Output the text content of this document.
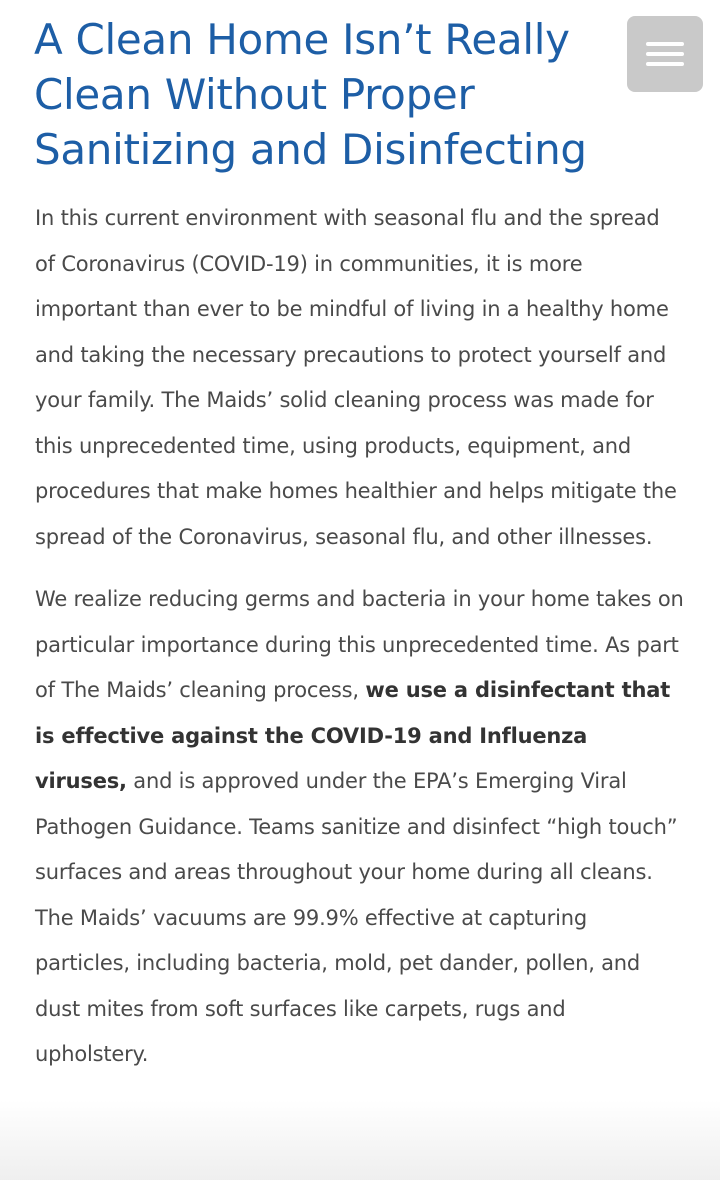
A Clean Home Isn’t Really Clean Without Proper Sanitizing and Disinfecting

In this current environment with seasonal flu and the spread of Coronavirus (COVID-19) in communities, it is more important than ever to be mindful of living in a healthy home and taking the necessary precautions to protect yourself and your family. The Maids’ solid cleaning process was made for this unprecedented time, using products, equipment, and procedures that make homes healthier and helps mitigate the spread of the Coronavirus, seasonal flu, and other illnesses.

We realize reducing germs and bacteria in your home takes on particular importance during this unprecedented time. As part of The Maids’ cleaning process, we use a disinfectant that is effective against the COVID-19 and Influenza viruses, and is approved under the EPA’s Emerging Viral Pathogen Guidance. Teams sanitize and disinfect “high touch” surfaces and areas throughout your home during all cleans. The Maids’ vacuums are 99.9% effective at capturing particles, including bacteria, mold, pet dander, pollen, and dust mites from soft surfaces like carpets, rugs and upholstery.
